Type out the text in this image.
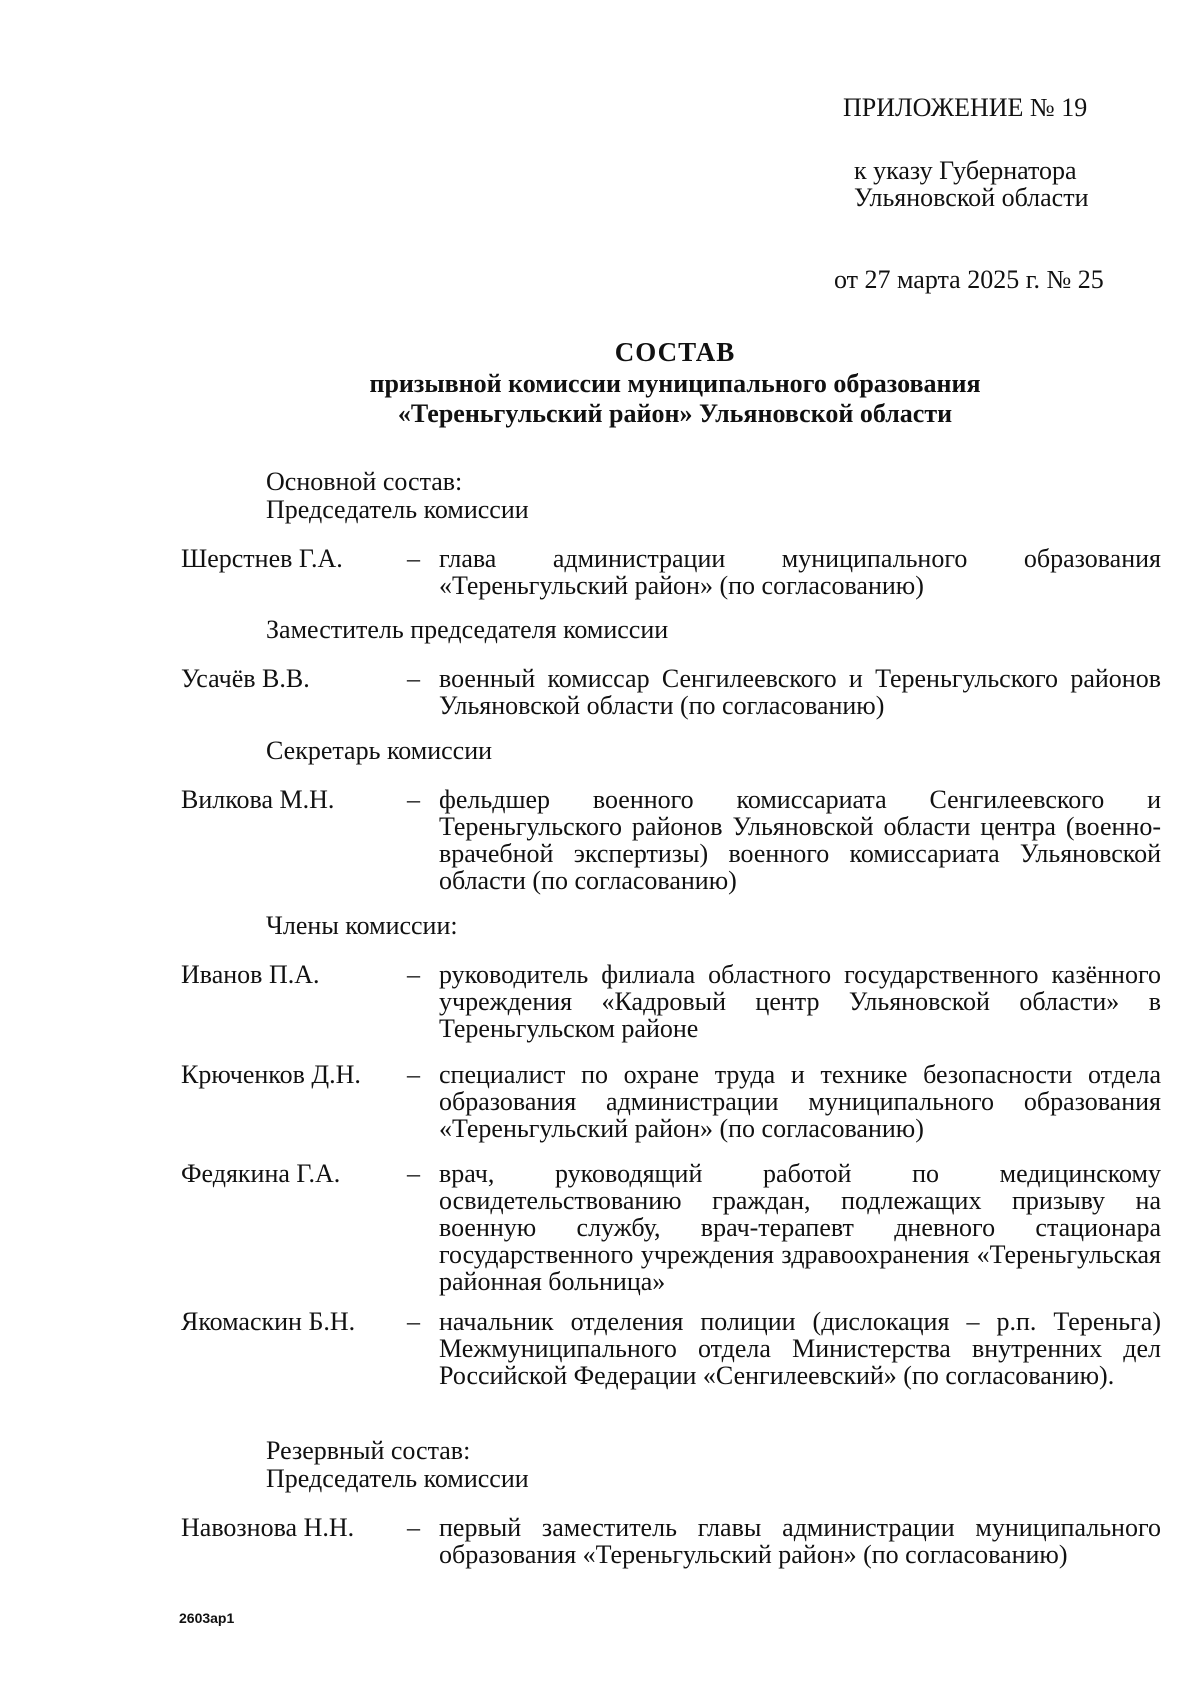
ПРИЛОЖЕНИЕ № 19
к указу Губернатора
Ульяновской области
от 27 марта 2025 г. № 25
СОСТАВ
призывной комиссии муниципального образования
«Тереньгульский район» Ульяновской области
Основной состав:
Председатель комиссии
Шерстнев Г.А.	– глава администрации муниципального образования «Тереньгульский район» (по согласованию)
Заместитель председателя комиссии
Усачёв В.В.	– военный комиссар Сенгилеевского и Тереньгульского районов Ульяновской области (по согласованию)
Секретарь комиссии
Вилкова М.Н.	– фельдшер военного комиссариата Сенгилеевского и Тереньгульского районов Ульяновской области центра (военно-врачебной экспертизы) военного комиссариата Ульяновской области (по согласованию)
Члены комиссии:
Иванов П.А.	– руководитель филиала областного государственного казённого учреждения «Кадровый центр Ульяновской области» в Тереньгульском районе
Крюченков Д.Н.	– специалист по охране труда и технике безопасности отдела образования администрации муниципального образования «Тереньгульский район» (по согласованию)
Федякина Г.А.	– врач, руководящий работой по медицинскому освидетельствованию граждан, подлежащих призыву на военную службу, врач-терапевт дневного стационара государственного учреждения здравоохранения «Тереньгульская районная больница»
Якомаскин Б.Н.	– начальник отделения полиции (дислокация – р.п. Тереньга) Межмуниципального отдела Министерства внутренних дел Российской Федерации «Сенгилеевский» (по согласованию).
Резервный состав:
Председатель комиссии
Навознова Н.Н.	– первый заместитель главы администрации муниципального образования «Тереньгульский район» (по согласованию)
2603ap1
